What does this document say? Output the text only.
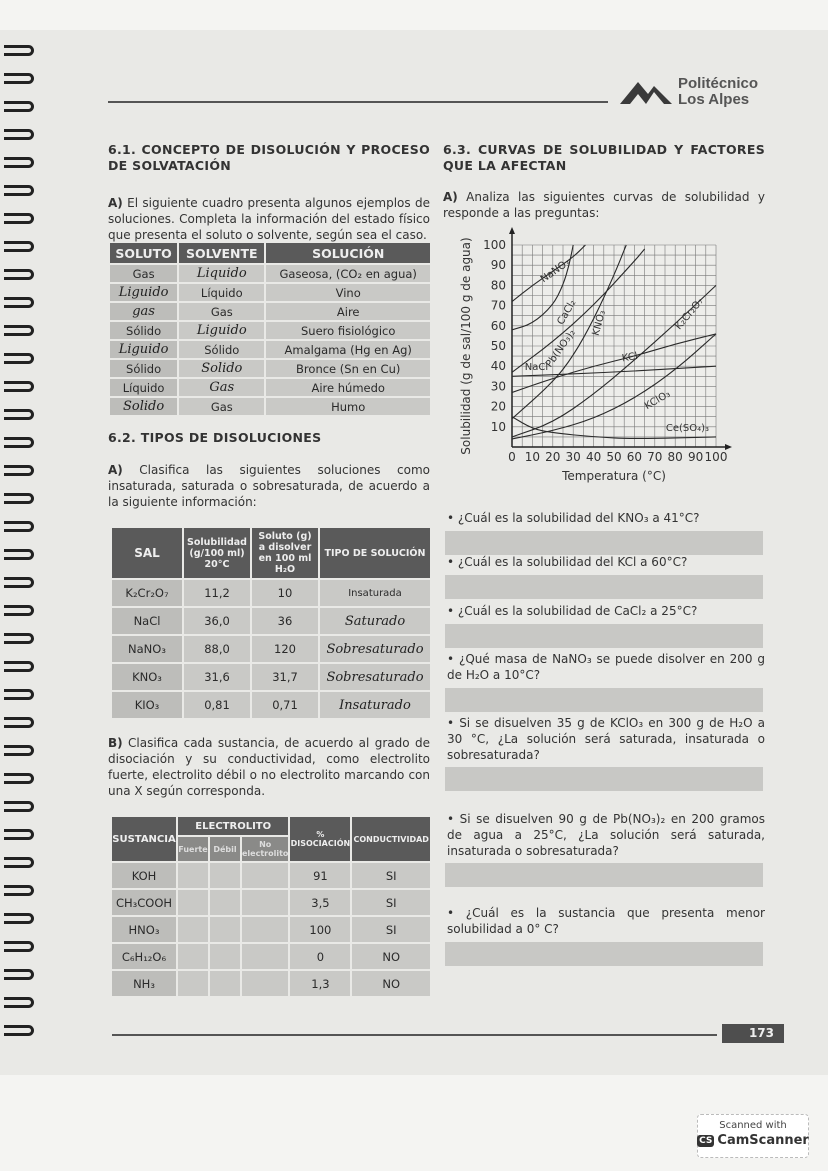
Politécnico
Los Alpes
6.1. CONCEPTO DE DISOLUCIÓN Y PROCESO DE SOLVATACIÓN
A) El siguiente cuadro presenta algunos ejemplos de soluciones. Completa la información del estado físico que presenta el soluto o solvente, según sea el caso.
SOLUTO	SOLVENTE	SOLUCIÓN
Gas	Liquido	Gaseosa, (CO₂ en agua)
Liguido	Líquido	Vino
gas	Gas	Aire
Sólido	Liguido	Suero fisiológico
Liguido	Sólido	Amalgama (Hg en Ag)
Sólido	Solido	Bronce (Sn en Cu)
Líquido	Gas	Aire húmedo
Solido	Gas	Humo
6.2. TIPOS DE DISOLUCIONES
A) Clasifica las siguientes soluciones como insaturada, saturada o sobresaturada, de acuerdo a la siguiente información:
SAL	Solubilidad (g/100 ml) 20°C	Soluto (g) a disolver en 100 ml H₂O	TIPO DE SOLUCIÓN
K₂Cr₂O₇	11,2	10	Insaturada
NaCl	36,0	36	Saturado
NaNO₃	88,0	120	Sobresaturado
KNO₃	31,6	31,7	Sobresaturado
KIO₃	0,81	0,71	Insaturado
B) Clasifica cada sustancia, de acuerdo al grado de disociación y su conductividad, como electrolito fuerte, electrolito débil o no electrolito marcando con una X según corresponda.
SUSTANCIA	ELECTROLITO			% DISOCIACIÓN	CONDUCTIVIDAD
	Fuerte	Débil	No electrolito		
KOH				91	SI
CH₃COOH				3,5	SI
HNO₃				100	SI
C₆H₁₂O₆				0	NO
NH₃				1,3	NO
6.3. CURVAS DE SOLUBILIDAD Y FACTORES QUE LA AFECTAN
A) Analiza las siguientes curvas de solubilidad y responde a las preguntas:
0 10 20 30 40 50 60 70 80 90 100
10
20
30
40
50
60
70
80
90
100
Temperatura (°C)
Solubilidad (g de sal/100 g de agua)	NaNO₃
CaCl₂
Pb(NO₃)₂
KNO₃
KCl
NaCl
K₂Cr₂O₇
KClO₃
Ce(SO₄)₃
• ¿Cuál es la solubilidad del KNO₃ a 41°C?
• ¿Cuál es la solubilidad del KCl a 60°C?
• ¿Cuál es la solubilidad de CaCl₂ a 25°C?
• ¿Qué masa de NaNO₃ se puede disolver en 200 g de H₂O a 10°C?
• Si se disuelven 35 g de KClO₃ en 300 g de H₂O a 30 °C, ¿La solución será saturada, insaturada o sobresaturada?
• Si se disuelven 90 g de Pb(NO₃)₂ en 200 gramos de agua a 25°C, ¿La solución será saturada, insaturada o sobresaturada?
• ¿Cuál es la sustancia que presenta menor solubilidad a 0° C?
173
Scanned with
CS CamScanner
